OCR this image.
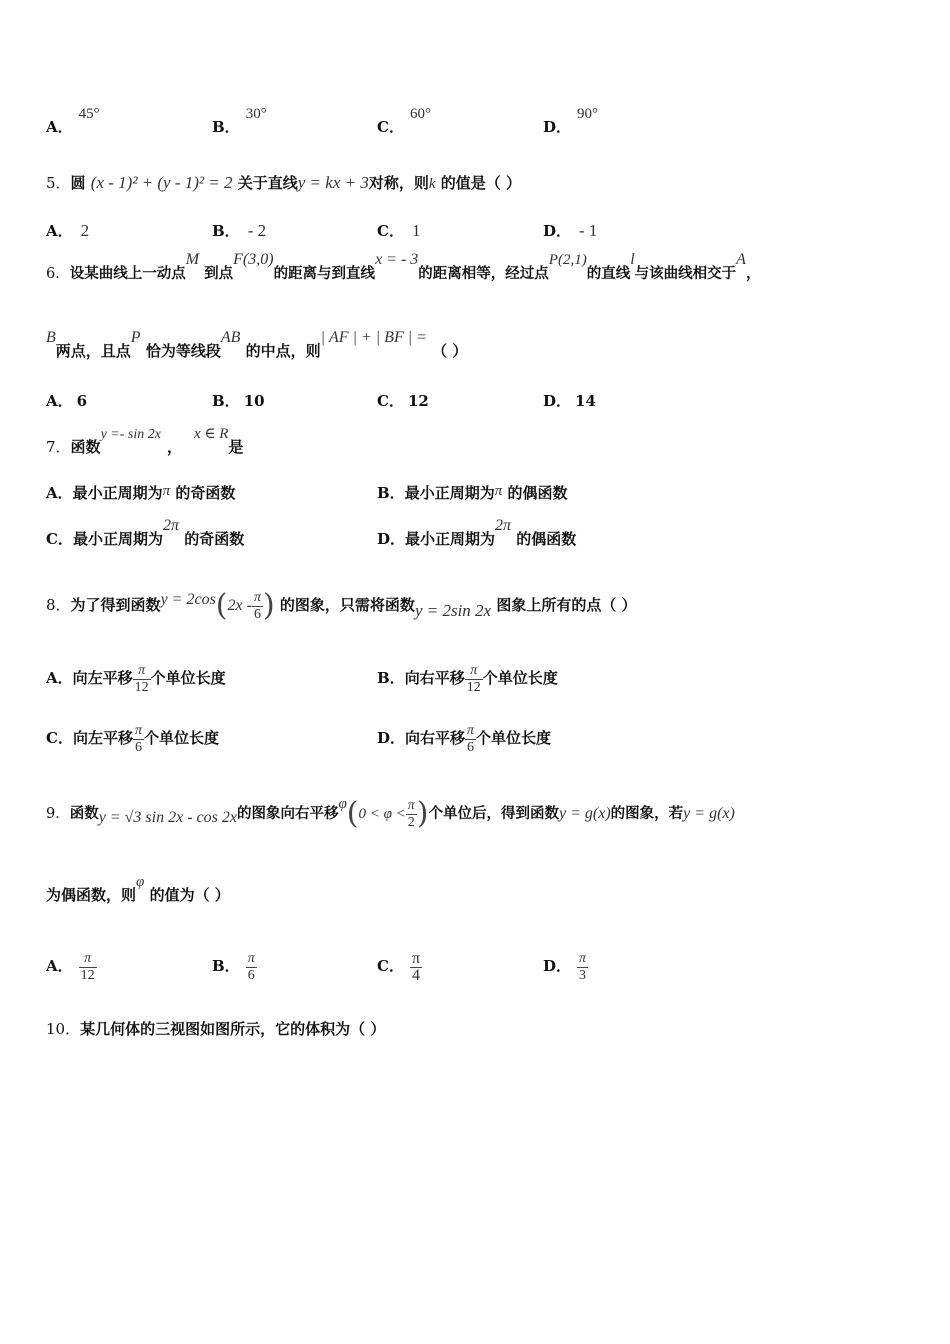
A．45°
B．30°
C．60°
D．90°
5．圆 (x - 1)² + (y - 1)² = 2 关于直线y = kx + 3对称，则k 的值是（ ）
A． 2	B． - 2	C． 1	D． - 1
6．设某曲线上一动点M 到点F(3,0)的距离与到直线x = - 3的距离相等，经过点P(2,1)的直线l与该曲线相交于A，
B两点，且点P 恰为等线段AB 的中点，则| AF | + | BF | = （ ）
A． 6	B． 10	C． 12	D． 14
7．函数y =- sin 2x，x ∈ R是
A．最小正周期为π 的奇函数	B．最小正周期为π 的偶函数
C．最小正周期为2π 的奇函数	D．最小正周期为2π 的偶函数
8．为了得到函数$y = 2\cos(2x - \frac{\pi}{6}$ ) 的图象，只需将函数y = 2sin 2x 图象上所有的点（ ）
A．向左平移 $\frac{\pi}{12}$ 个单位长度	B．向右平移 $\frac{\pi}{12}$ 个单位长度
C．向左平移 $\frac{\pi}{6}$ 个单位长度	D．向右平移 $\frac{\pi}{6}$ 个单位长度
9．函数y = √3 sin 2x - cos 2x的图象向右平移$\varphi(0 < \varphi < \frac{\pi}{2}$ )个单位后，得到函数y = g(x)的图象，若y = g(x)
为偶函数，则φ 的值为（ ）
A． $\frac{\pi}{12}$	B． $\frac{\pi}{6}$	C． $\frac{\pi}{4}$	D． $\frac{\pi}{3}$
10．某几何体的三视图如图所示，它的体积为（ ）
